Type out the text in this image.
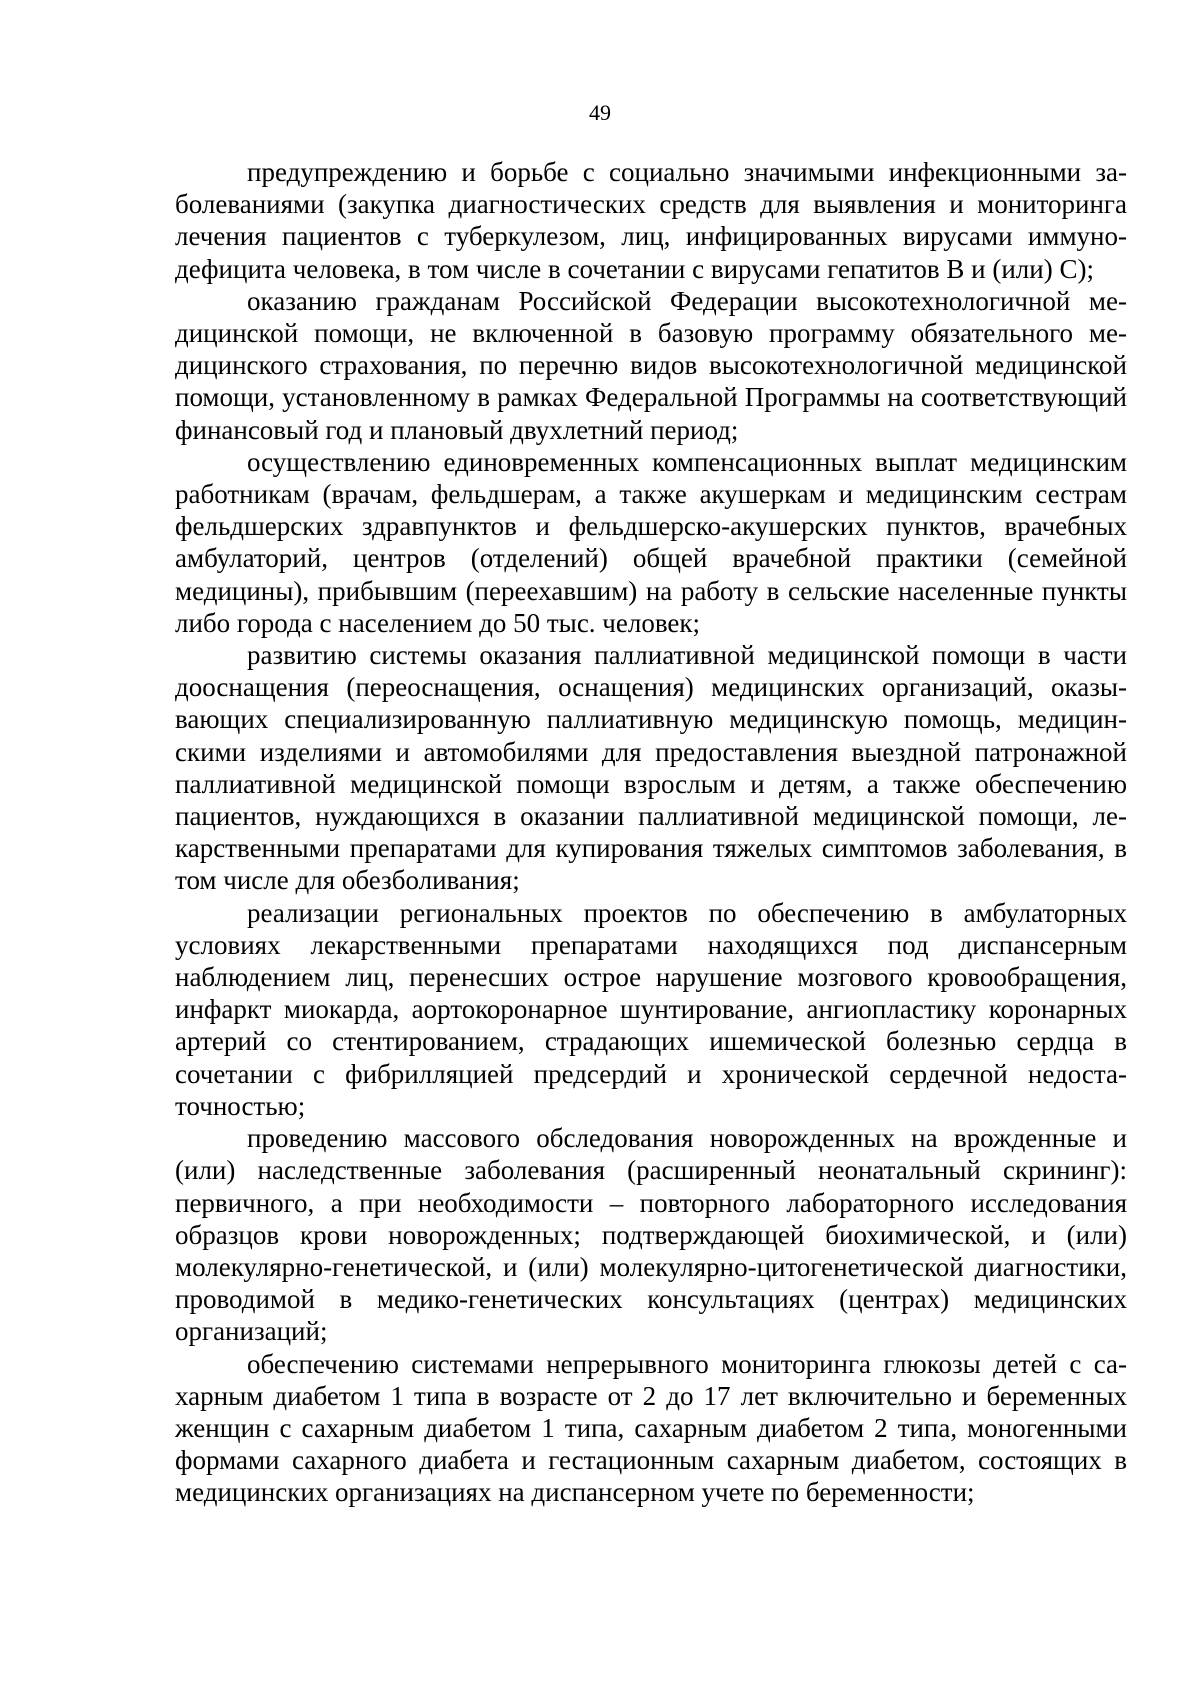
49

предупреждению и борьбе с социально значимыми инфекционными заболеваниями (закупка диагностических средств для выявления и мониторинга лечения пациентов с туберкулезом, лиц, инфицированных вирусами иммунодефицита человека, в том числе в сочетании с вирусами гепатитов B и (или) C);

оказанию гражданам Российской Федерации высокотехнологичной медицинской помощи, не включенной в базовую программу обязательного медицинского страхования, по перечню видов высокотехнологичной медицинской помощи, установленному в рамках Федеральной Программы на соответствующий финансовый год и плановый двухлетний период;

осуществлению единовременных компенсационных выплат медицинским работникам (врачам, фельдшерам, а также акушеркам и медицинским сестрам фельдшерских здравпунктов и фельдшерско-акушерских пунктов, врачебных амбулаторий, центров (отделений) общей врачебной практики (семейной медицины), прибывшим (переехавшим) на работу в сельские населенные пункты либо города с населением до 50 тыс. человек;

развитию системы оказания паллиативной медицинской помощи в части дооснащения (переоснащения, оснащения) медицинских организаций, оказывающих специализированную паллиативную медицинскую помощь, медицинскими изделиями и автомобилями для предоставления выездной патронажной паллиативной медицинской помощи взрослым и детям, а также обеспечению пациентов, нуждающихся в оказании паллиативной медицинской помощи, лекарственными препаратами для купирования тяжелых симптомов заболевания, в том числе для обезболивания;

реализации региональных проектов по обеспечению в амбулаторных условиях лекарственными препаратами находящихся под диспансерным наблюдением лиц, перенесших острое нарушение мозгового кровообращения, инфаркт миокарда, аортокоронарное шунтирование, ангиопластику коронарных артерий со стентированием, страдающих ишемической болезнью сердца в сочетании с фибрилляцией предсердий и хронической сердечной недостаточностью;

проведению массового обследования новорожденных на врожденные и (или) наследственные заболевания (расширенный неонатальный скрининг): первичного, а при необходимости – повторного лабораторного исследования образцов крови новорожденных; подтверждающей биохимической, и (или) молекулярно-генетической, и (или) молекулярно-цитогенетической диагностики, проводимой в медико-генетических консультациях (центрах) медицинских организаций;

обеспечению системами непрерывного мониторинга глюкозы детей с сахарным диабетом 1 типа в возрасте от 2 до 17 лет включительно и беременных женщин с сахарным диабетом 1 типа, сахарным диабетом 2 типа, моногенными формами сахарного диабета и гестационным сахарным диабетом, состоящих в медицинских организациях на диспансерном учете по беременности;
